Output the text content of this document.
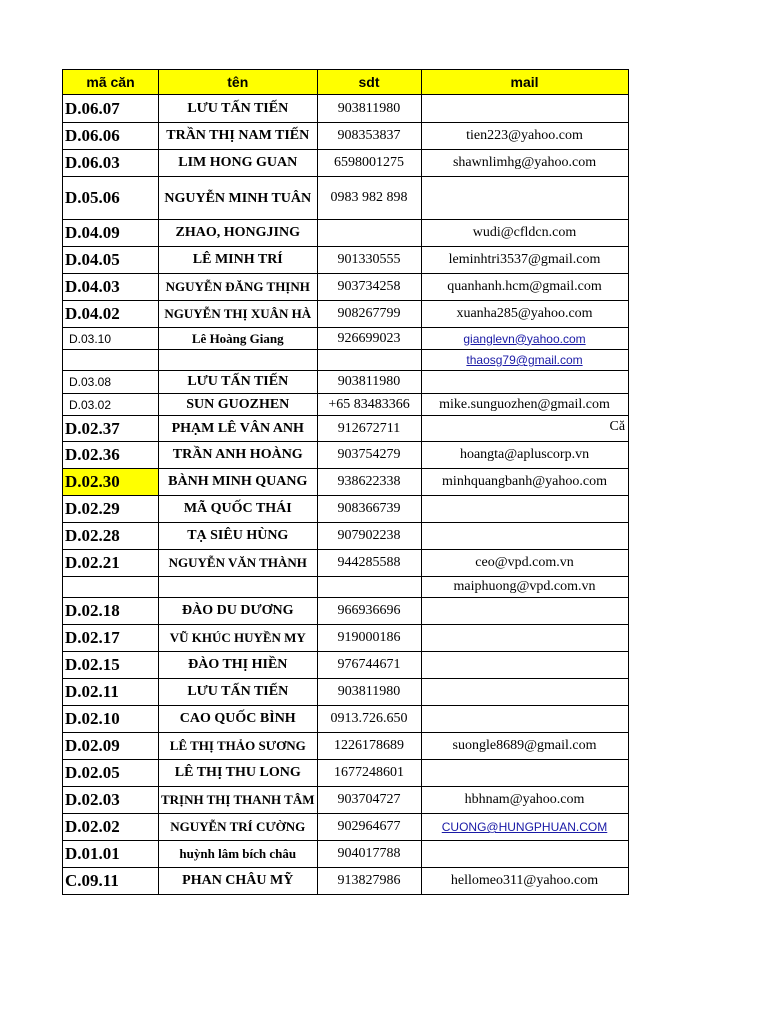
mã căn	tên	sdt	mail
D.06.07	LƯU TẤN TIẾN	903811980	
D.06.06	TRẦN THỊ NAM TIẾN	908353837	tien223@yahoo.com
D.06.03	LIM HONG GUAN	6598001275	shawnlimhg@yahoo.com
D.05.06	NGUYỄN MINH TUÂN	0983 982 898	
D.04.09	ZHAO, HONGJING		wudi@cfldcn.com
D.04.05	LÊ MINH TRÍ	901330555	leminhtri3537@gmail.com
D.04.03	NGUYỄN ĐĂNG THỊNH	903734258	quanhanh.hcm@gmail.com
D.04.02	NGUYỄN THỊ XUÂN HÀ	908267799	xuanha285@yahoo.com
D.03.10	Lê Hoàng Giang	926699023	gianglevn@yahoo.com
			thaosg79@gmail.com
D.03.08	LƯU TẤN TIẾN	903811980	
D.03.02	SUN GUOZHEN	+65 83483366	mike.sunguozhen@gmail.com
D.02.37	PHẠM LÊ VÂN ANH	912672711	Că

D.02.36	TRẦN ANH HOÀNG	903754279	hoangta@apluscorp.vn
D.02.30	BÀNH MINH QUANG	938622338	minhquangbanh@yahoo.com
D.02.29	MÃ QUỐC THÁI	908366739	
D.02.28	TẠ SIÊU HÙNG	907902238	
D.02.21	NGUYỄN VĂN THÀNH	944285588	ceo@vpd.com.vn
			maiphuong@vpd.com.vn
D.02.18	ĐÀO DU DƯƠNG	966936696	
D.02.17	VŨ KHÚC HUYỀN MY	919000186	
D.02.15	ĐÀO THỊ HIỀN	976744671	
D.02.11	LƯU TẤN TIẾN	903811980	
D.02.10	CAO QUỐC BÌNH	0913.726.650	
D.02.09	LÊ THỊ THẢO SƯƠNG	1226178689	suongle8689@gmail.com
D.02.05	LÊ THỊ THU LONG	1677248601	
D.02.03	TRỊNH THỊ THANH TÂM	903704727	hbhnam@yahoo.com
D.02.02	NGUYỄN TRÍ CƯỜNG	902964677	CUONG@HUNGPHUAN.COM
D.01.01	huỳnh lâm bích châu	904017788	
C.09.11	PHAN CHÂU MỸ	913827986	hellomeo311@yahoo.com
